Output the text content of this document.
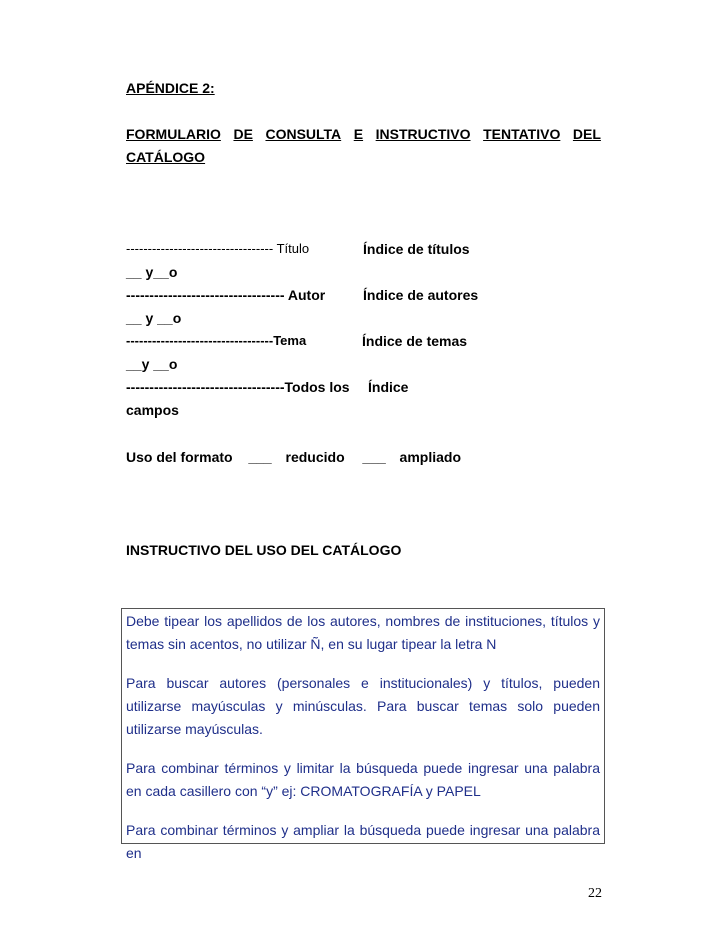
APÉNDICE 2:
FORMULARIO DE CONSULTA E INSTRUCTIVO TENTATIVO DEL
CATÁLOGO
---------------------------------- Título	Índice de títulos
__ y__o
---------------------------------- Autor	Índice de autores
__ y __o
----------------------------------Tema	Índice de temas
__y __o
----------------------------------Todos los Índice
campos
Uso del formato ___ reducido ___ ampliado
INSTRUCTIVO DEL USO DEL CATÁLOGO

Debe tipear los apellidos de los autores, nombres de instituciones, títulos y temas sin acentos, no utilizar Ñ, en su lugar tipear la letra N

Para buscar autores (personales e institucionales) y títulos, pueden utilizarse mayúsculas y minúsculas. Para buscar temas solo pueden utilizarse mayúsculas.

Para combinar términos y limitar la búsqueda puede ingresar una palabra en cada casillero con “y” ej: CROMATOGRAFÍA y PAPEL

Para combinar términos y ampliar la búsqueda puede ingresar una palabra en

22
